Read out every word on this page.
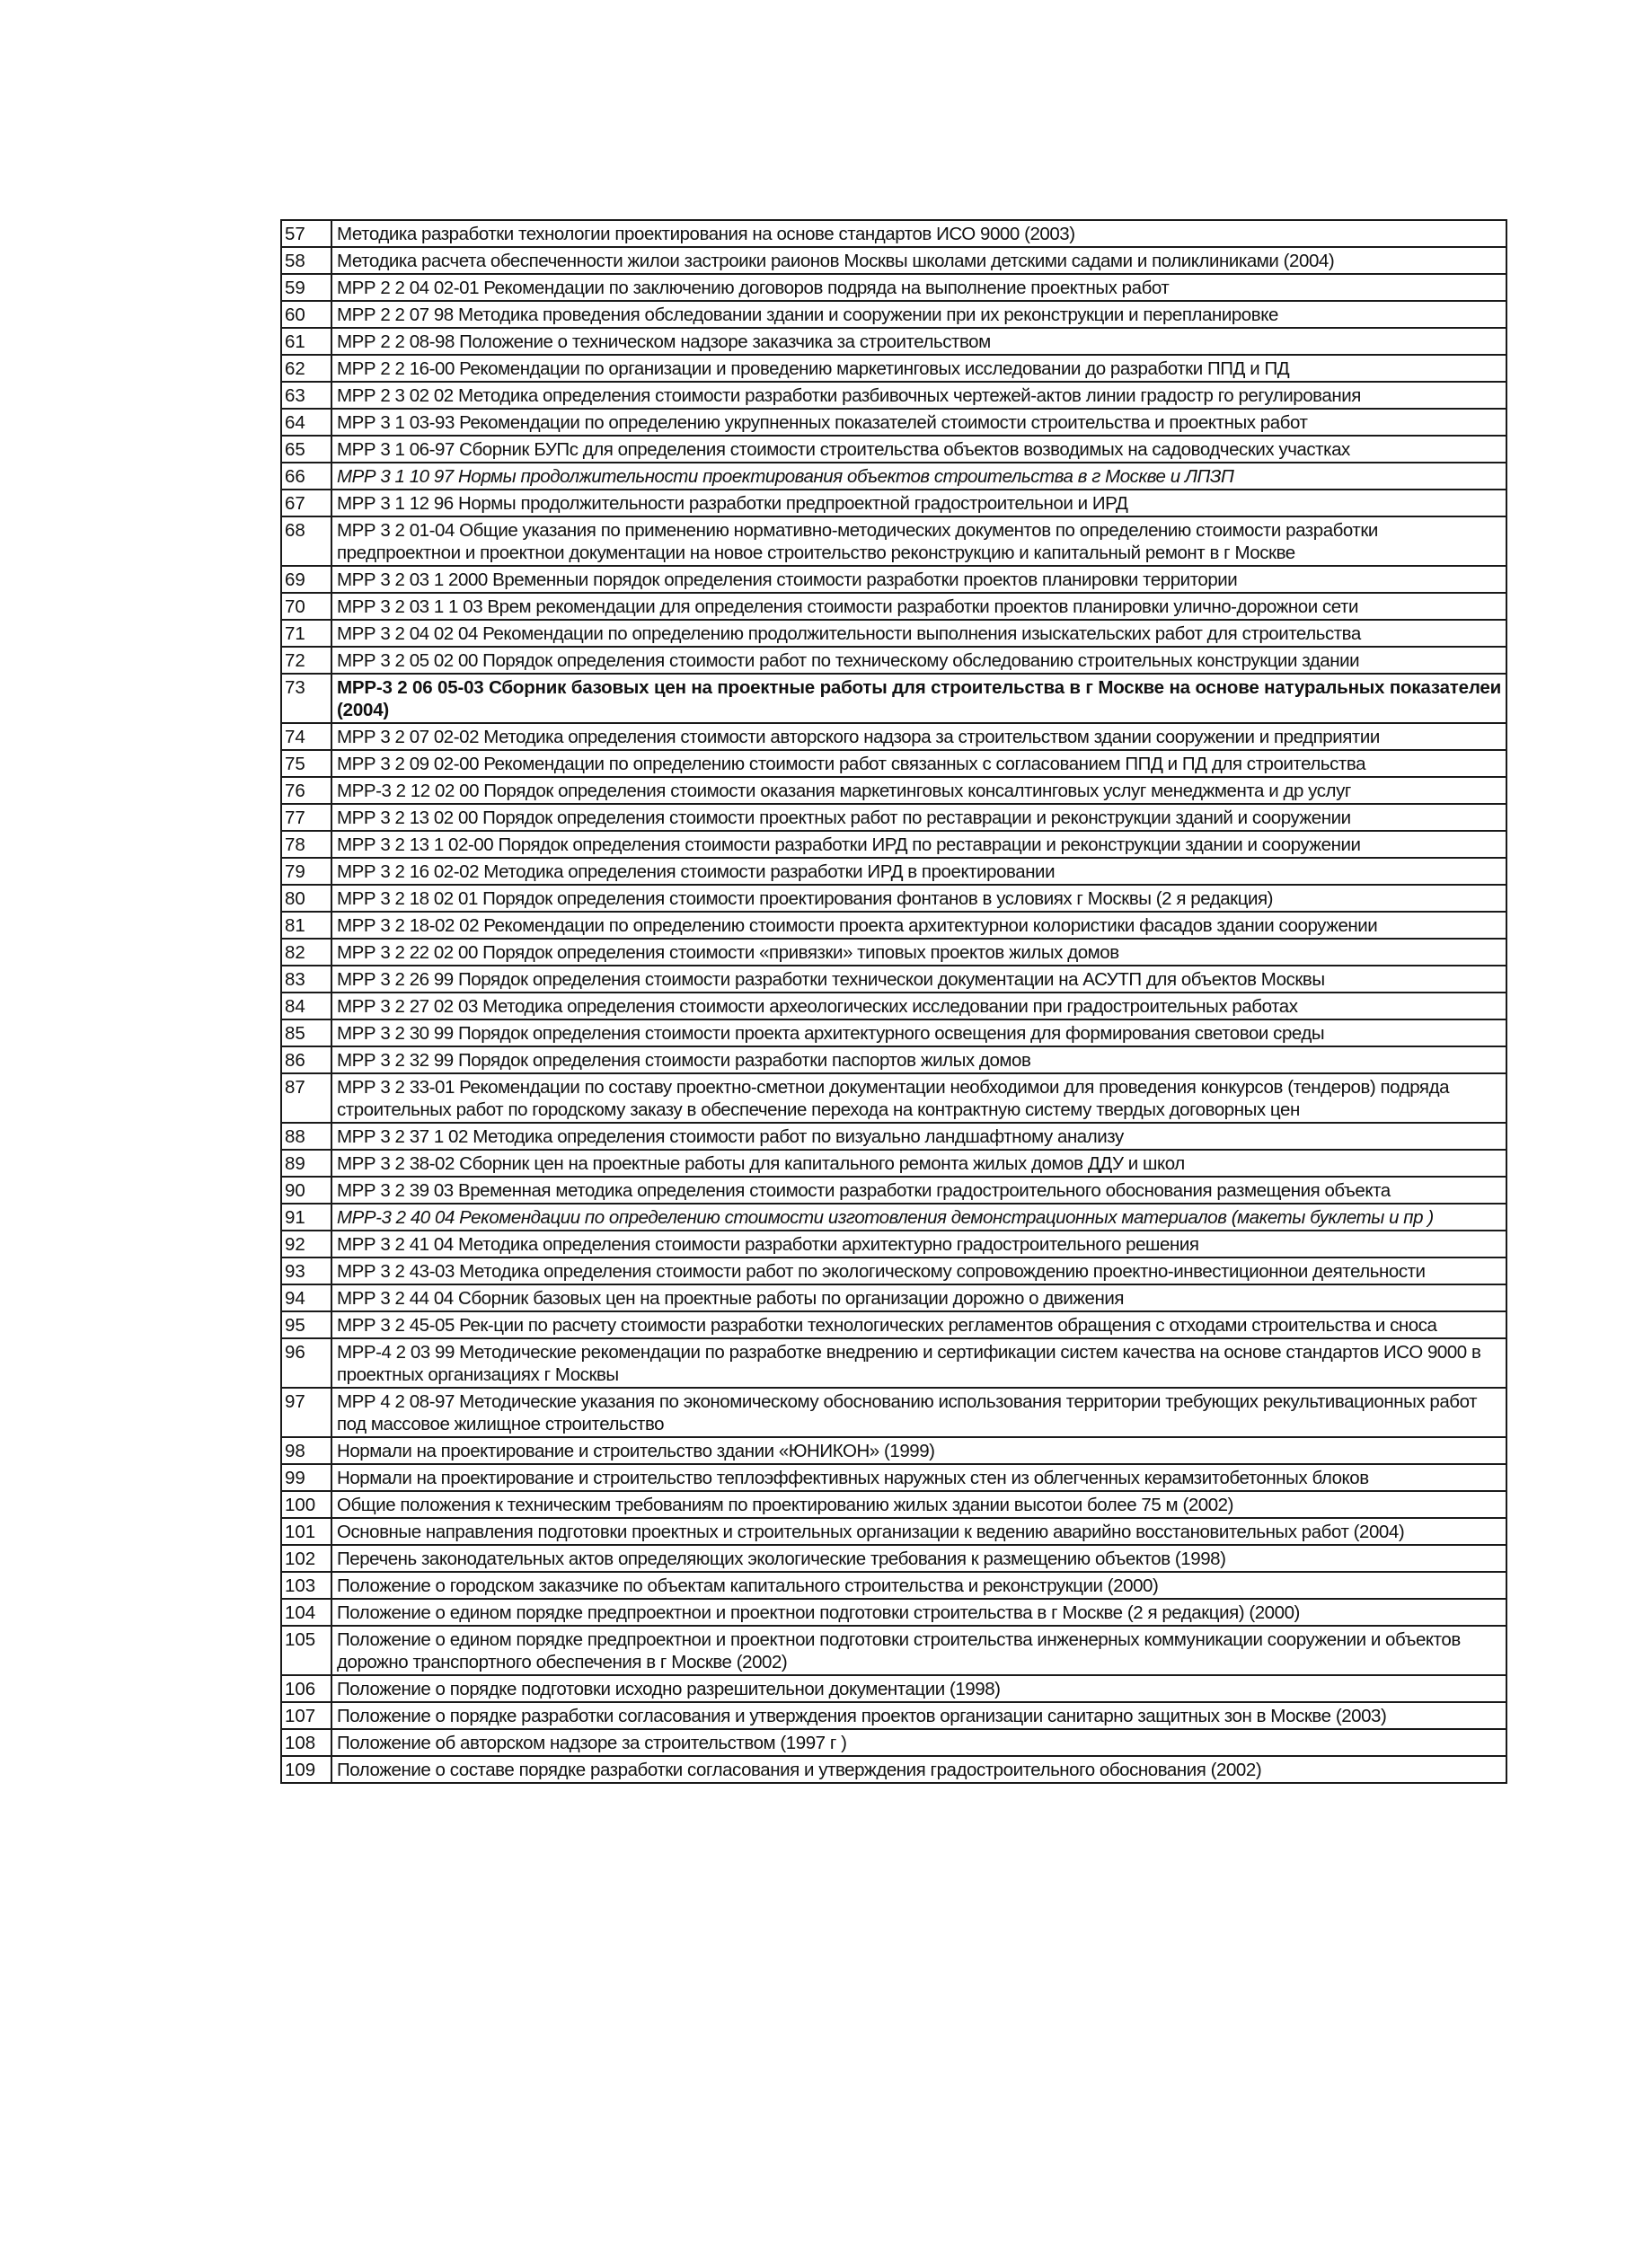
57	Методика разработки технологии проектирования на основе стандартов ИСО 9000 (2003)
58	Методика расчета обеспеченности жилои застроики раионов Москвы школами детскими садами и поликлиниками (2004)
59	МРР 2 2 04 02-01 Рекомендации по заключению договоров подряда на выполнение проектных работ
60	МРР 2 2 07 98 Методика проведения обследовании здании и сооружении при их реконструкции и перепланировке
61	МРР 2 2 08-98 Положение о техническом надзоре заказчика за строительством
62	МРР 2 2 16-00 Рекомендации по организации и проведению маркетинговых исследовании до разработки ППД и ПД
63	МРР 2 3 02 02 Методика определения стоимости разработки разбивочных чертежей-актов линии градостр го регулирования
64	МРР 3 1 03-93 Рекомендации по определению укрупненных показателей стоимости строительства и проектных работ
65	МРР 3 1 06-97 Сборник БУПс для определения стоимости строительства объектов возводимых на садоводческих участках
66	МРР 3 1 10 97 Нормы продолжительности проектирования объектов строительства в г Москве и ЛПЗП
67	МРР 3 1 12 96 Нормы продолжительности разработки предпроектной градостроительнои и ИРД
68	МРР 3 2 01-04 Общие указания по применению нормативно-методических документов по определению стоимости разработки предпроектнои и проектнои документации на новое строительство реконструкцию и капитальный ремонт в г Москве
69	МРР 3 2 03 1 2000 Временныи порядок определения стоимости разработки проектов планировки территории
70	МРР 3 2 03 1 1 03 Врем рекомендации для определения стоимости разработки проектов планировки улично-дорожнои сети
71	МРР 3 2 04 02 04 Рекомендации по определению продолжительности выполнения изыскательских работ для строительства
72	МРР 3 2 05 02 00 Порядок определения стоимости работ по техническому обследованию строительных конструкции здании
73	МРР-3 2 06 05-03 Сборник базовых цен на проектные работы для строительства в г Москве на основе натуральных показателеи (2004)
74	МРР 3 2 07 02-02 Методика определения стоимости авторского надзора за строительством здании сооружении и предприятии
75	МРР 3 2 09 02-00 Рекомендации по определению стоимости работ связанных с согласованием ППД и ПД для строительства
76	МРР-3 2 12 02 00 Порядок определения стоимости оказания маркетинговых консалтинговых услуг менеджмента и др услуг
77	МРР 3 2 13 02 00 Порядок определения стоимости проектных работ по реставрации и реконструкции зданий и сооружении
78	МРР 3 2 13 1 02-00 Порядок определения стоимости разработки ИРД по реставрации и реконструкции здании и сооружении
79	МРР 3 2 16 02-02 Методика определения стоимости разработки ИРД в проектировании
80	МРР 3 2 18 02 01 Порядок определения стоимости проектирования фонтанов в условиях г Москвы (2 я редакция)
81	МРР 3 2 18-02 02 Рекомендации по определению стоимости проекта архитектурнои колористики фасадов здании сооружении
82	МРР 3 2 22 02 00 Порядок определения стоимости «привязки» типовых проектов жилых домов
83	МРР 3 2 26 99 Порядок определения стоимости разработки техническои документации на АСУТП для объектов Москвы
84	МРР 3 2 27 02 03 Методика определения стоимости археологических исследовании при градостроительных работах
85	МРР 3 2 30 99 Порядок определения стоимости проекта архитектурного освещения для формирования световои среды
86	МРР 3 2 32 99 Порядок определения стоимости разработки паспортов жилых домов
87	МРР 3 2 33-01 Рекомендации по составу проектно-сметнои документации необходимои для проведения конкурсов (тендеров) подряда строительных работ по городскому заказу в обеспечение перехода на контрактную систему твердых договорных цен
88	МРР 3 2 37 1 02 Методика определения стоимости работ по визуально ландшафтному анализу
89	МРР 3 2 38-02 Сборник цен на проектные работы для капитального ремонта жилых домов ДДУ и школ
90	МРР 3 2 39 03 Временная методика определения стоимости разработки градостроительного обоснования размещения объекта
91	МРР-3 2 40 04 Рекомендации по определению стоимости изготовления демонстрационных материалов (макеты буклеты и пр )
92	МРР 3 2 41 04 Методика определения стоимости разработки архитектурно градостроительного решения
93	МРР 3 2 43-03 Методика определения стоимости работ по экологическому сопровождению проектно-инвестиционнои деятельности
94	МРР 3 2 44 04 Сборник базовых цен на проектные работы по организации дорожно о движения
95	МРР 3 2 45-05 Рек-ции по расчету стоимости разработки технологических регламентов обращения с отходами строительства и сноса
96	МРР-4 2 03 99 Методические рекомендации по разработке внедрению и сертификации систем качества на основе стандартов ИСО 9000 в проектных организациях г Москвы
97	МРР 4 2 08-97 Методические указания по экономическому обоснованию использования территории требующих рекультивационных работ под массовое жилищное строительство
98	Нормали на проектирование и строительство здании «ЮНИКОН» (1999)
99	Нормали на проектирование и строительство теплоэффективных наружных стен из облегченных керамзитобетонных блоков
100	Общие положения к техническим требованиям по проектированию жилых здании высотои более 75 м (2002)
101	Основные направления подготовки проектных и строительных организации к ведению аварийно восстановительных работ (2004)
102	Перечень законодательных актов определяющих экологические требования к размещению объектов (1998)
103	Положение о городском заказчике по объектам капитального строительства и реконструкции (2000)
104	Положение о едином порядке предпроектнои и проектнои подготовки строительства в г Москве (2 я редакция) (2000)
105	Положение о едином порядке предпроектнои и проектнои подготовки строительства инженерных коммуникации сооружении и объектов дорожно транспортного обеспечения в г Москве (2002)
106	Положение о порядке подготовки исходно разрешительнои документации (1998)
107	Положение о порядке разработки согласования и утверждения проектов организации санитарно защитных зон в Москве (2003)
108	Положение об авторском надзоре за строительством (1997 г )
109	Положение о составе порядке разработки согласования и утверждения градостроительного обоснования (2002)
